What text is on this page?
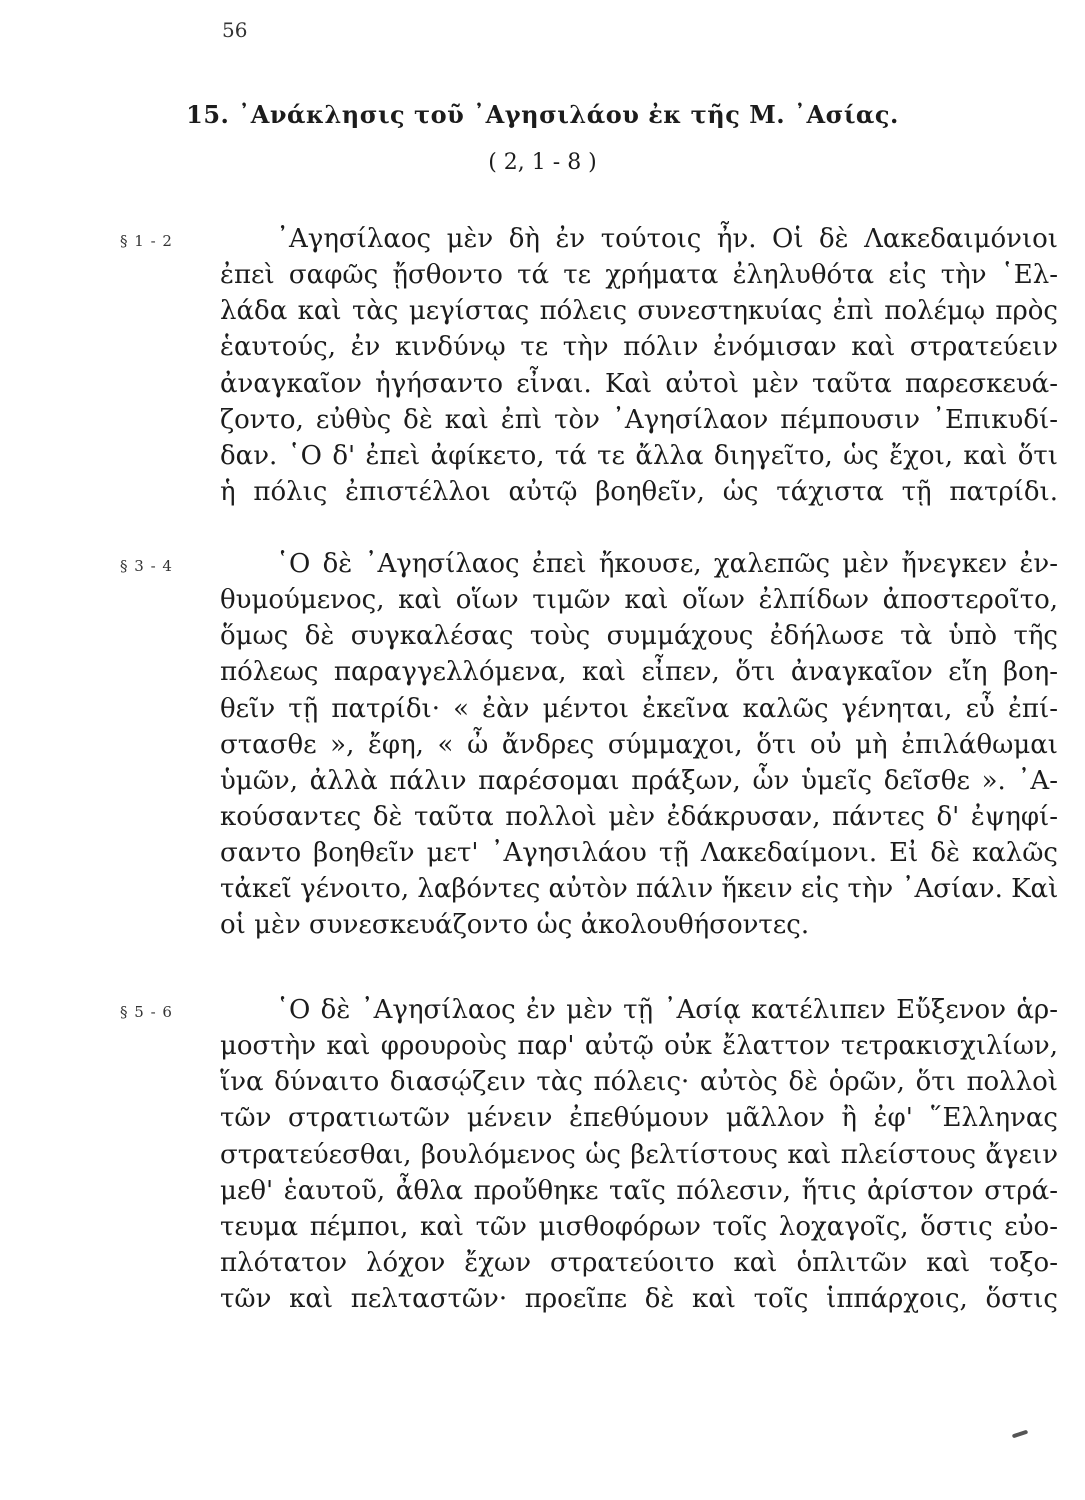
56
15. ᾿Ανάκλησις τοῦ ᾿Αγησιλάου ἐκ τῆς Μ. ᾿Ασίας.
( 2, 1 - 8 )
§ 1 - 2	᾿Αγησίλαος μὲν δὴ ἐν τούτοις ἦν. Οἱ δὲ Λακεδαιμόνιοι
ἐπεὶ σαφῶς ᾔσθοντο τά τε χρήματα ἐληλυθότα εἰς τὴν ῾Ελ-
λάδα καὶ τὰς μεγίστας πόλεις συνεστηκυίας ἐπὶ πολέμῳ πρὸς
ἑαυτούς, ἐν κινδύνῳ τε τὴν πόλιν ἐνόμισαν καὶ στρατεύειν
ἀναγκαῖον ἡγήσαντο εἶναι. Καὶ αὐτοὶ μὲν ταῦτα παρεσκευά-
ζοντο, εὐθὺς δὲ καὶ ἐπὶ τὸν ᾿Αγησίλαον πέμπουσιν ᾿Επικυδί-
δαν. ῾Ο δ' ἐπεὶ ἀφίκετο, τά τε ἄλλα διηγεῖτο, ὡς ἔχοι, καὶ ὅτι
ἡ πόλις ἐπιστέλλοι αὐτῷ βοηθεῖν, ὡς τάχιστα τῇ πατρίδι.
§ 3 - 4	῾Ο δὲ ᾿Αγησίλαος ἐπεὶ ἤκουσε, χαλεπῶς μὲν ἤνεγκεν ἐν-
θυμούμενος, καὶ οἵων τιμῶν καὶ οἵων ἐλπίδων ἀποστεροῖτο,
ὅμως δὲ συγκαλέσας τοὺς συμμάχους ἐδήλωσε τὰ ὑπὸ τῆς
πόλεως παραγγελλόμενα, καὶ εἶπεν, ὅτι ἀναγκαῖον εἴη βοη-
θεῖν τῇ πατρίδι· « ἐὰν μέντοι ἐκεῖνα καλῶς γένηται, εὖ ἐπί-
στασθε », ἔφη, « ὦ ἄνδρες σύμμαχοι, ὅτι οὐ μὴ ἐπιλάθωμαι
ὑμῶν, ἀλλὰ πάλιν παρέσομαι πράξων, ὧν ὑμεῖς δεῖσθε ». ᾿Α-
κούσαντες δὲ ταῦτα πολλοὶ μὲν ἐδάκρυσαν, πάντες δ' ἐψηφί-
σαντο βοηθεῖν μετ' ᾿Αγησιλάου τῇ Λακεδαίμονι. Εἰ δὲ καλῶς
τἀκεῖ γένοιτο, λαβόντες αὐτὸν πάλιν ἥκειν εἰς τὴν ᾿Ασίαν. Καὶ
οἱ μὲν συνεσκευάζοντο ὡς ἀκολουθήσοντες.
§ 5 - 6	῾Ο δὲ ᾿Αγησίλαος ἐν μὲν τῇ ᾿Ασίᾳ κατέλιπεν Εὔξενον ἁρ-
μοστὴν καὶ φρουροὺς παρ' αὐτῷ οὐκ ἔλαττον τετρακισχιλίων,
ἵνα δύναιτο διασῴζειν τὰς πόλεις· αὐτὸς δὲ ὁρῶν, ὅτι πολλοὶ
τῶν στρατιωτῶν μένειν ἐπεθύμουν μᾶλλον ἢ ἐφ' ῞Ελληνας
στρατεύεσθαι, βουλόμενος ὡς βελτίστους καὶ πλείστους ἄγειν
μεθ' ἑαυτοῦ, ἆθλα προὔθηκε ταῖς πόλεσιν, ἥτις ἀρίστον στρά-
τευμα πέμποι, καὶ τῶν μισθοφόρων τοῖς λοχαγοῖς, ὅστις εὐο-
πλότατον λόχον ἔχων στρατεύοιτο καὶ ὁπλιτῶν καὶ τοξο-
τῶν καὶ πελταστῶν· προεῖπε δὲ καὶ τοῖς ἱππάρχοις, ὅστις
